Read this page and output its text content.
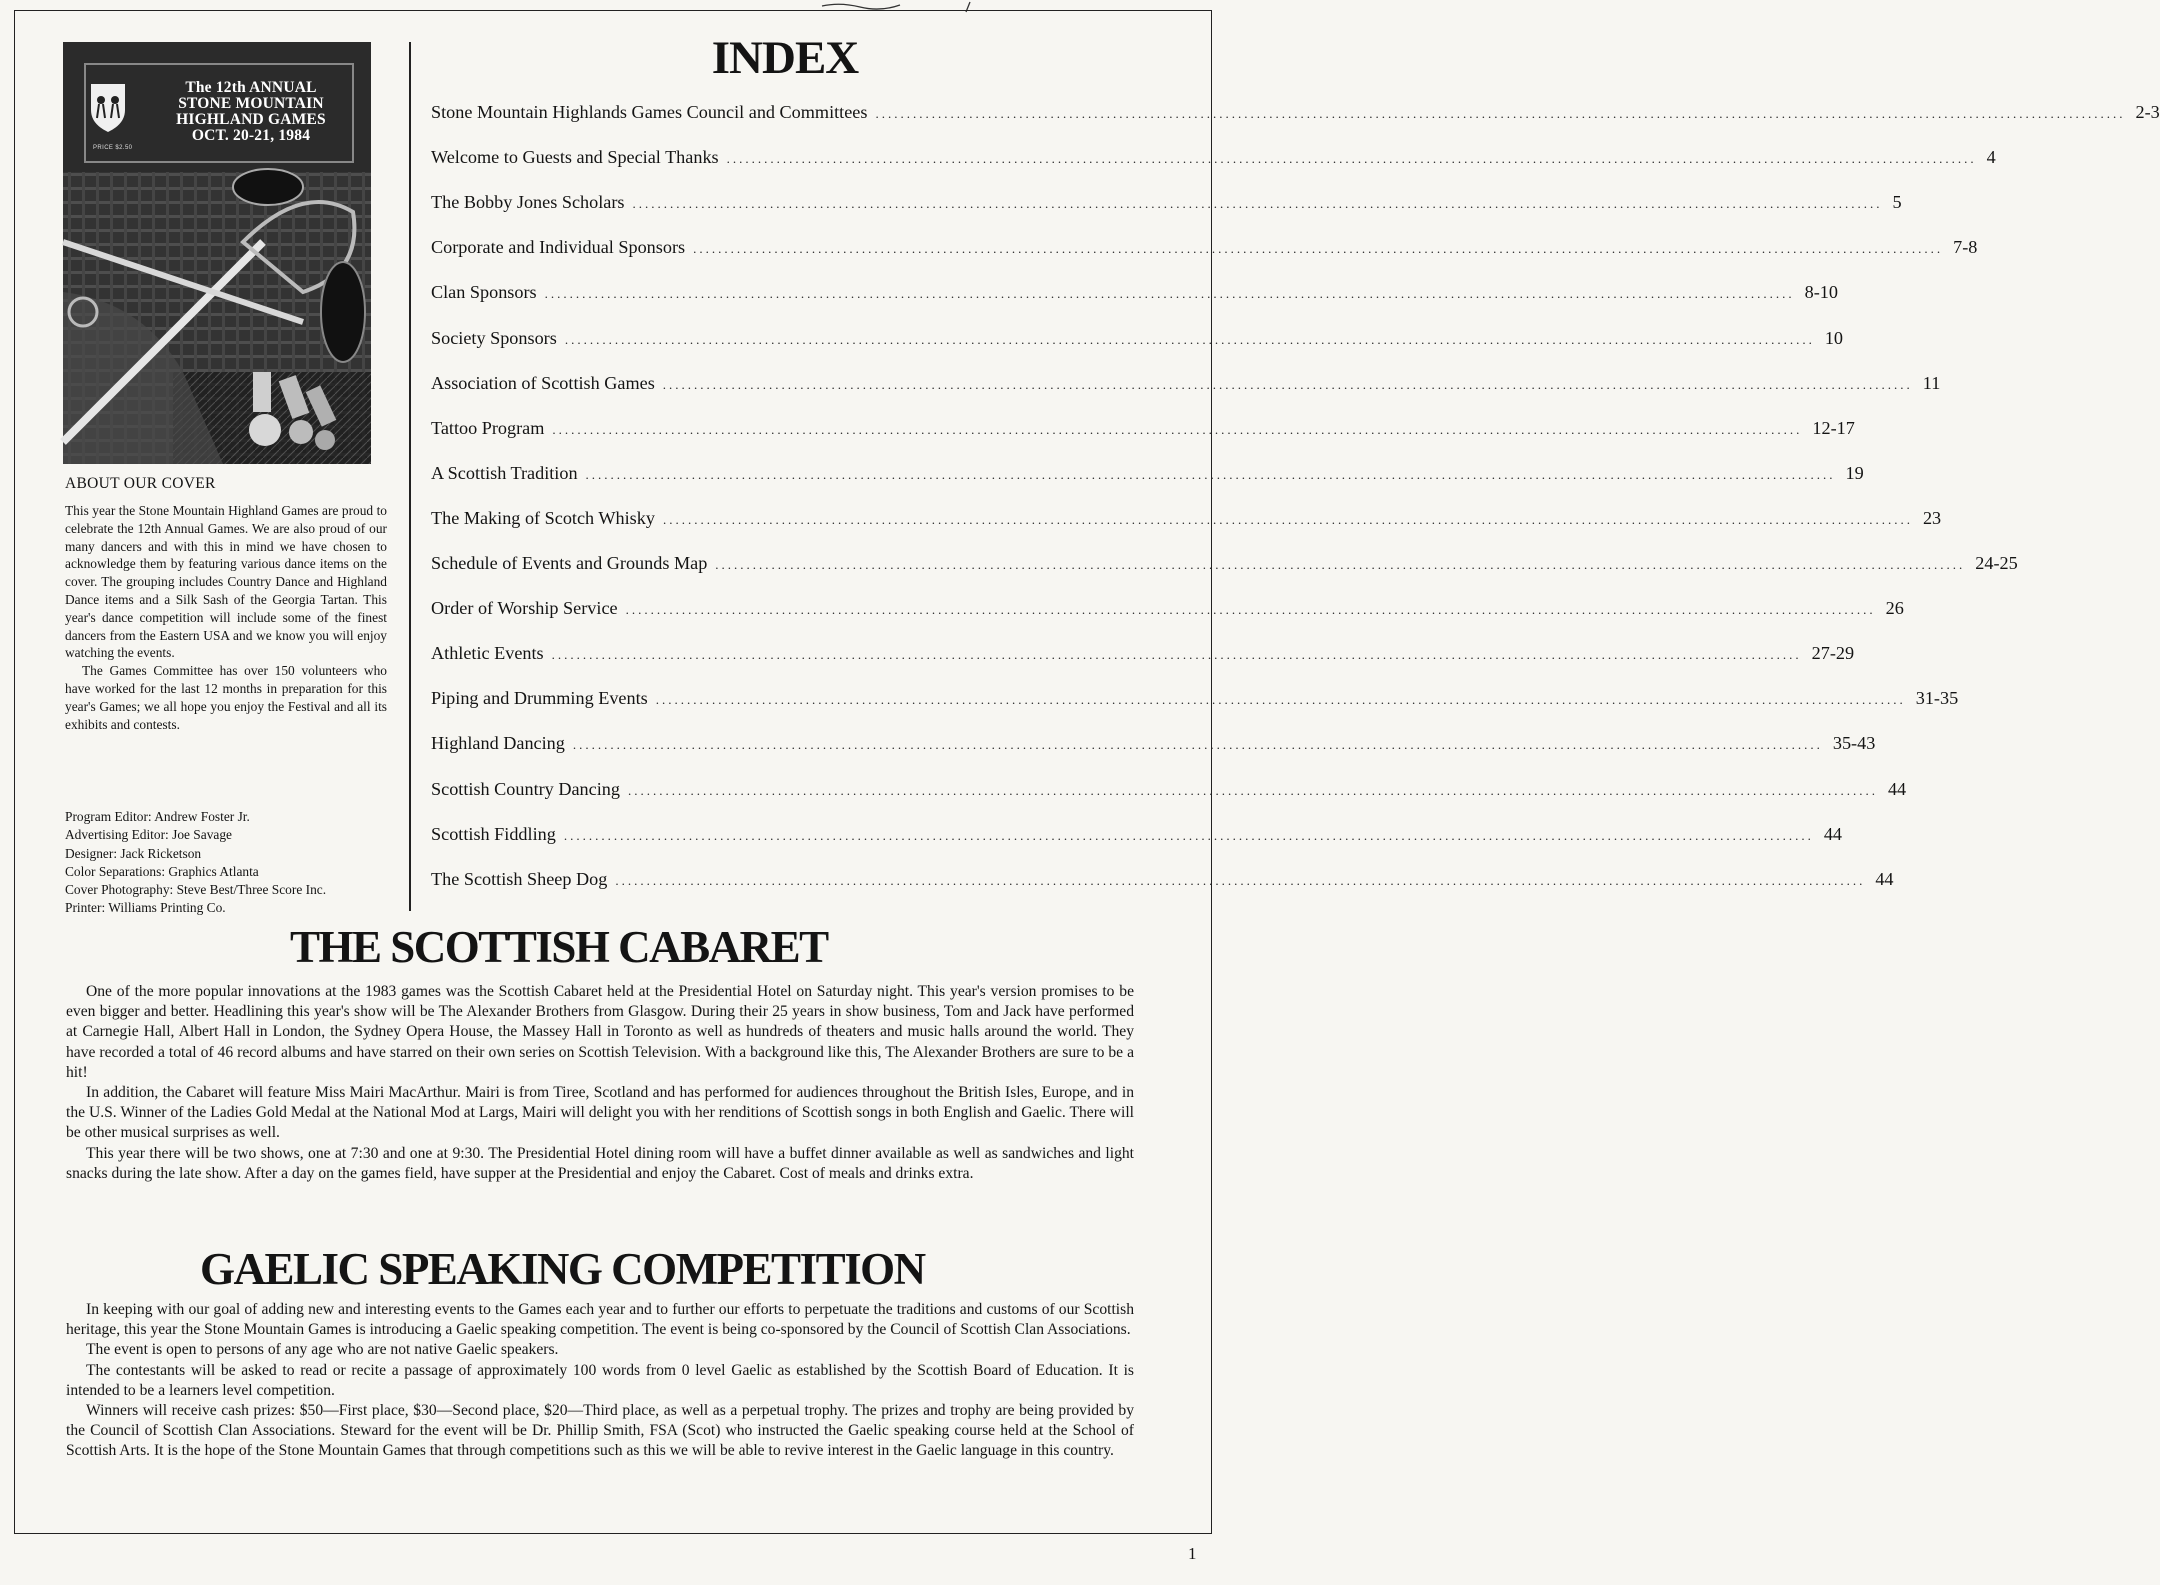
The 12th ANNUAL
STONE MOUNTAIN
HIGHLAND GAMES
OCT. 20-21, 1984
PRICE $2.50
ABOUT OUR COVER

This year the Stone Mountain Highland Games are proud to celebrate the 12th Annual Games. We are also proud of our many dancers and with this in mind we have chosen to acknowledge them by featuring various dance items on the cover. The grouping includes Country Dance and Highland Dance items and a Silk Sash of the Georgia Tartan. This year's dance competition will include some of the finest dancers from the Eastern USA and we know you will enjoy watching the events.

The Games Committee has over 150 volunteers who have worked for the last 12 months in preparation for this year's Games; we all hope you enjoy the Festival and all its exhibits and contests.

Program Editor: Andrew Foster Jr.
Advertising Editor: Joe Savage
Designer: Jack Ricketson
Color Separations: Graphics Atlanta
Cover Photography: Steve Best/Three Score Inc.
Printer: Williams Printing Co.
INDEX
Stone Mountain Highlands Games Council and Committees ........................................................................................................................................................................................................ 2-3
Welcome to Guests and Special Thanks ........................................................................................................................................................................................................ 4
The Bobby Jones Scholars ........................................................................................................................................................................................................ 5
Corporate and Individual Sponsors ........................................................................................................................................................................................................ 7-8
Clan Sponsors ........................................................................................................................................................................................................ 8-10
Society Sponsors ........................................................................................................................................................................................................ 10
Association of Scottish Games ........................................................................................................................................................................................................ 11
Tattoo Program ........................................................................................................................................................................................................ 12-17
A Scottish Tradition ........................................................................................................................................................................................................ 19
The Making of Scotch Whisky ........................................................................................................................................................................................................ 23
Schedule of Events and Grounds Map ........................................................................................................................................................................................................ 24-25
Order of Worship Service ........................................................................................................................................................................................................ 26
Athletic Events ........................................................................................................................................................................................................ 27-29
Piping and Drumming Events ........................................................................................................................................................................................................ 31-35
Highland Dancing ........................................................................................................................................................................................................ 35-43
Scottish Country Dancing ........................................................................................................................................................................................................ 44
Scottish Fiddling ........................................................................................................................................................................................................ 44
The Scottish Sheep Dog ........................................................................................................................................................................................................ 44
THE SCOTTISH CABARET

One of the more popular innovations at the 1983 games was the Scottish Cabaret held at the Presidential Hotel on Saturday night. This year's version promises to be even bigger and better. Headlining this year's show will be The Alexander Brothers from Glasgow. During their 25 years in show business, Tom and Jack have performed at Carnegie Hall, Albert Hall in London, the Sydney Opera House, the Massey Hall in Toronto as well as hundreds of theaters and music halls around the world. They have recorded a total of 46 record albums and have starred on their own series on Scottish Television. With a background like this, The Alexander Brothers are sure to be a hit!

In addition, the Cabaret will feature Miss Mairi MacArthur. Mairi is from Tiree, Scotland and has performed for audiences throughout the British Isles, Europe, and in the U.S. Winner of the Ladies Gold Medal at the National Mod at Largs, Mairi will delight you with her renditions of Scottish songs in both English and Gaelic. There will be other musical surprises as well.

This year there will be two shows, one at 7:30 and one at 9:30. The Presidential Hotel dining room will have a buffet dinner available as well as sandwiches and light snacks during the late show. After a day on the games field, have supper at the Presidential and enjoy the Cabaret. Cost of meals and drinks extra.

GAELIC SPEAKING COMPETITION

In keeping with our goal of adding new and interesting events to the Games each year and to further our efforts to perpetuate the traditions and customs of our Scottish heritage, this year the Stone Mountain Games is introducing a Gaelic speaking competition. The event is being co-sponsored by the Council of Scottish Clan Associations.

The event is open to persons of any age who are not native Gaelic speakers.

The contestants will be asked to read or recite a passage of approximately 100 words from 0 level Gaelic as established by the Scottish Board of Education. It is intended to be a learners level competition.

Winners will receive cash prizes: $50—First place, $30—Second place, $20—Third place, as well as a perpetual trophy. The prizes and trophy are being provided by the Council of Scottish Clan Associations. Steward for the event will be Dr. Phillip Smith, FSA (Scot) who instructed the Gaelic speaking course held at the School of Scottish Arts. It is the hope of the Stone Mountain Games that through competitions such as this we will be able to revive interest in the Gaelic language in this country.

1
